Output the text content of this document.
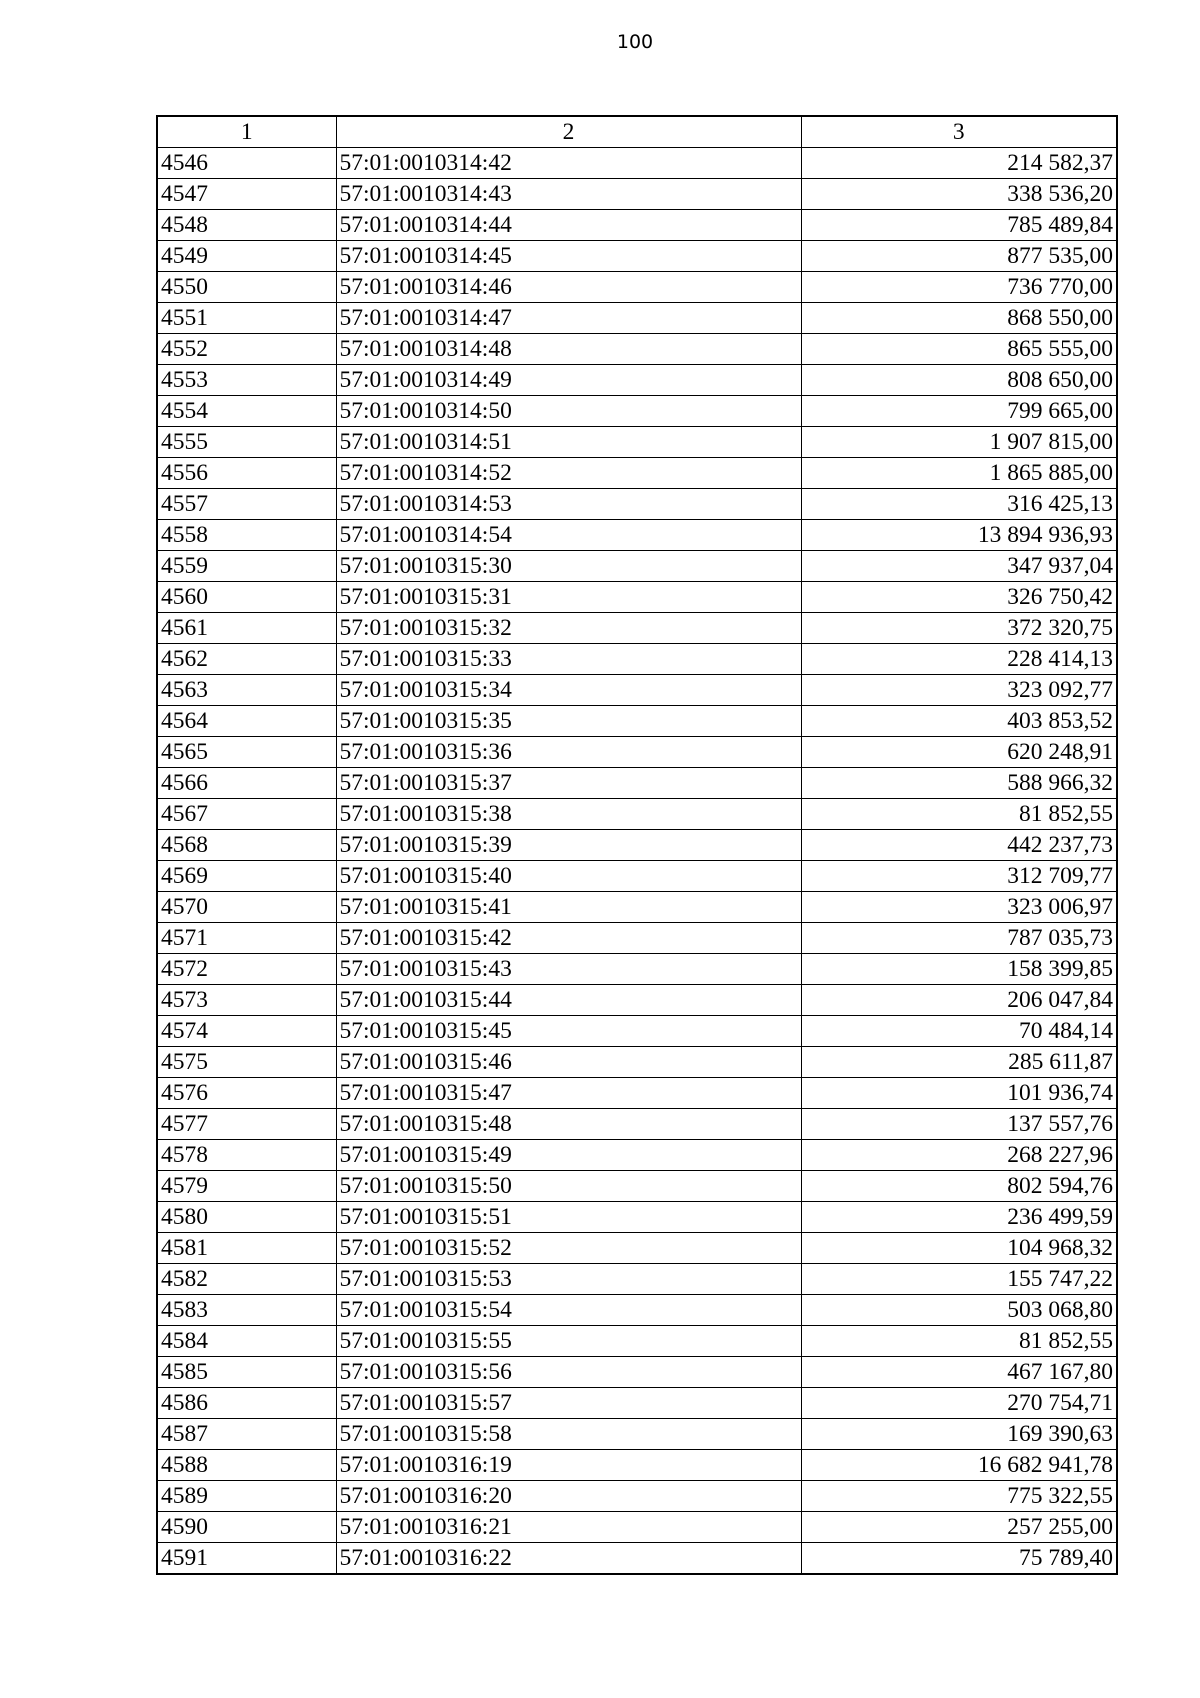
100
1	2	3
4546	57:01:0010314:42	214 582,37
4547	57:01:0010314:43	338 536,20
4548	57:01:0010314:44	785 489,84
4549	57:01:0010314:45	877 535,00
4550	57:01:0010314:46	736 770,00
4551	57:01:0010314:47	868 550,00
4552	57:01:0010314:48	865 555,00
4553	57:01:0010314:49	808 650,00
4554	57:01:0010314:50	799 665,00
4555	57:01:0010314:51	1 907 815,00
4556	57:01:0010314:52	1 865 885,00
4557	57:01:0010314:53	316 425,13
4558	57:01:0010314:54	13 894 936,93
4559	57:01:0010315:30	347 937,04
4560	57:01:0010315:31	326 750,42
4561	57:01:0010315:32	372 320,75
4562	57:01:0010315:33	228 414,13
4563	57:01:0010315:34	323 092,77
4564	57:01:0010315:35	403 853,52
4565	57:01:0010315:36	620 248,91
4566	57:01:0010315:37	588 966,32
4567	57:01:0010315:38	81 852,55
4568	57:01:0010315:39	442 237,73
4569	57:01:0010315:40	312 709,77
4570	57:01:0010315:41	323 006,97
4571	57:01:0010315:42	787 035,73
4572	57:01:0010315:43	158 399,85
4573	57:01:0010315:44	206 047,84
4574	57:01:0010315:45	70 484,14
4575	57:01:0010315:46	285 611,87
4576	57:01:0010315:47	101 936,74
4577	57:01:0010315:48	137 557,76
4578	57:01:0010315:49	268 227,96
4579	57:01:0010315:50	802 594,76
4580	57:01:0010315:51	236 499,59
4581	57:01:0010315:52	104 968,32
4582	57:01:0010315:53	155 747,22
4583	57:01:0010315:54	503 068,80
4584	57:01:0010315:55	81 852,55
4585	57:01:0010315:56	467 167,80
4586	57:01:0010315:57	270 754,71
4587	57:01:0010315:58	169 390,63
4588	57:01:0010316:19	16 682 941,78
4589	57:01:0010316:20	775 322,55
4590	57:01:0010316:21	257 255,00
4591	57:01:0010316:22	75 789,40
